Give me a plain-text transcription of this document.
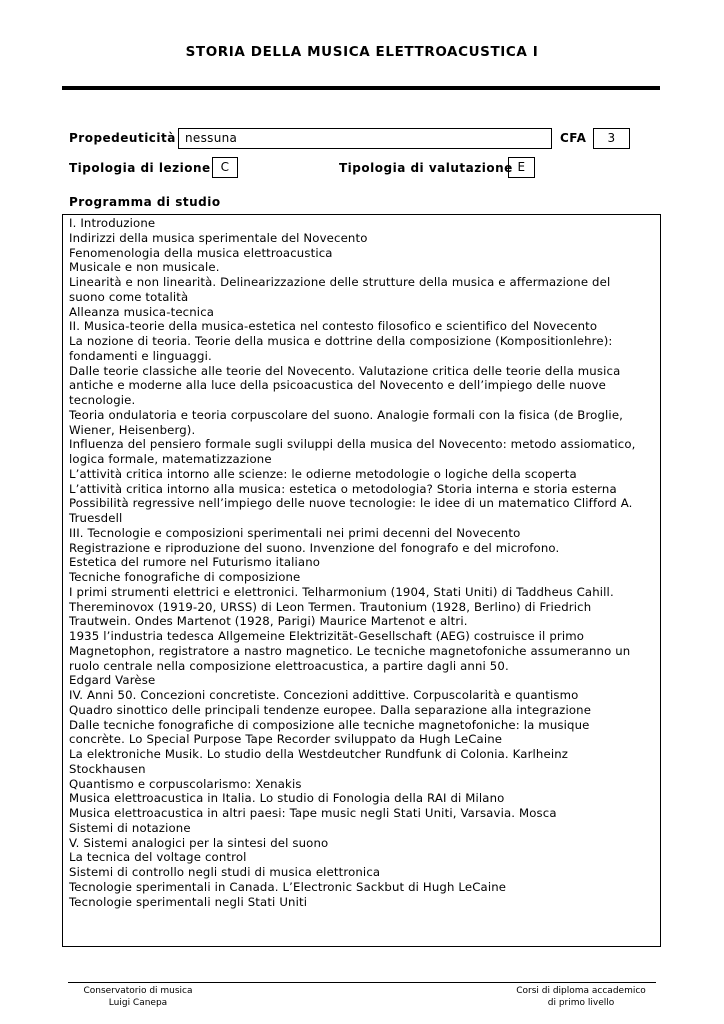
STORIA DELLA MUSICA ELETTROACUSTICA I
Propedeuticità nessuna	CFA	3
Tipologia di lezione C	Tipologia di valutazione E
Programma di studio
I. Introduzione
Indirizzi della musica sperimentale del Novecento
Fenomenologia della musica elettroacustica
Musicale e non musicale.
Linearità e non linearità. Delinearizzazione delle strutture della musica e affermazione del
suono come totalità
Alleanza musica-tecnica
II. Musica-teorie della musica-estetica nel contesto filosofico e scientifico del Novecento
La nozione di teoria. Teorie della musica e dottrine della composizione (Kompositionlehre):
fondamenti e linguaggi.
Dalle teorie classiche alle teorie del Novecento. Valutazione critica delle teorie della musica
antiche e moderne alla luce della psicoacustica del Novecento e dell’impiego delle nuove
tecnologie.
Teoria ondulatoria e teoria corpuscolare del suono. Analogie formali con la fisica (de Broglie,
Wiener, Heisenberg).
Influenza del pensiero formale sugli sviluppi della musica del Novecento: metodo assiomatico,
logica formale, matematizzazione
L’attività critica intorno alle scienze: le odierne metodologie o logiche della scoperta
L’attività critica intorno alla musica: estetica o metodologia? Storia interna e storia esterna
Possibilità regressive nell’impiego delle nuove tecnologie: le idee di un matematico Clifford A.
Truesdell
III. Tecnologie e composizioni sperimentali nei primi decenni del Novecento
Registrazione e riproduzione del suono. Invenzione del fonografo e del microfono.
Estetica del rumore nel Futurismo italiano
Tecniche fonografiche di composizione
I primi strumenti elettrici e elettronici. Telharmonium (1904, Stati Uniti) di Taddheus Cahill.
Thereminovox (1919-20, URSS) di Leon Termen. Trautonium (1928, Berlino) di Friedrich
Trautwein. Ondes Martenot (1928, Parigi) Maurice Martenot e altri.
1935 l’industria tedesca Allgemeine Elektrizität-Gesellschaft (AEG) costruisce il primo
Magnetophon, registratore a nastro magnetico. Le tecniche magnetofoniche assumeranno un
ruolo centrale nella composizione elettroacustica, a partire dagli anni 50.
Edgard Varèse
IV. Anni 50. Concezioni concretiste. Concezioni addittive. Corpuscolarità e quantismo
Quadro sinottico delle principali tendenze europee. Dalla separazione alla integrazione
Dalle tecniche fonografiche di composizione alle tecniche magnetofoniche: la musique
concrète. Lo Special Purpose Tape Recorder sviluppato da Hugh LeCaine
La elektroniche Musik. Lo studio della Westdeutcher Rundfunk di Colonia. Karlheinz
Stockhausen
Quantismo e corpuscolarismo: Xenakis
Musica elettroacustica in Italia. Lo studio di Fonologia della RAI di Milano
Musica elettroacustica in altri paesi: Tape music negli Stati Uniti, Varsavia. Mosca
Sistemi di notazione
V. Sistemi analogici per la sintesi del suono
La tecnica del voltage control
Sistemi di controllo negli studi di musica elettronica
Tecnologie sperimentali in Canada. L’Electronic Sackbut di Hugh LeCaine
Tecnologie sperimentali negli Stati Uniti
Conservatorio di musica
Luigi Canepa
Corsi di diploma accademico
di primo livello
